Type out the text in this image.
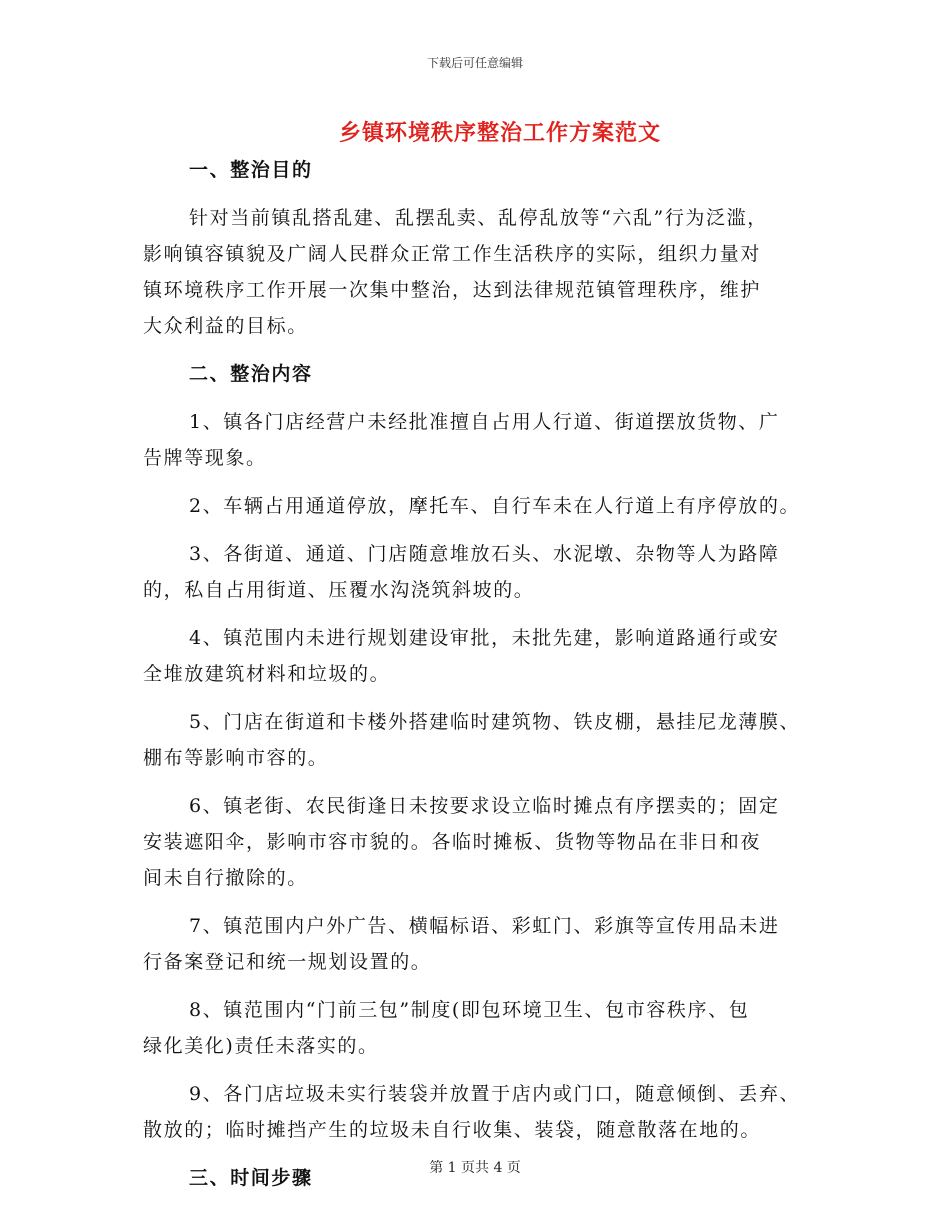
下载后可任意编辑
乡镇环境秩序整治工作方案范文
一、整治目的
针对当前镇乱搭乱建、乱摆乱卖、乱停乱放等“六乱”行为泛滥，
影响镇容镇貌及广阔人民群众正常工作生活秩序的实际，组织力量对
镇环境秩序工作开展一次集中整治，达到法律规范镇管理秩序，维护
大众利益的目标。
二、整治内容
1、镇各门店经营户未经批准擅自占用人行道、街道摆放货物、广
告牌等现象。
2、车辆占用通道停放，摩托车、自行车未在人行道上有序停放的。
3、各街道、通道、门店随意堆放石头、水泥墩、杂物等人为路障
的，私自占用街道、压覆水沟浇筑斜坡的。
4、镇范围内未进行规划建设审批，未批先建，影响道路通行或安
全堆放建筑材料和垃圾的。
5、门店在街道和卡楼外搭建临时建筑物、铁皮棚，悬挂尼龙薄膜、
棚布等影响市容的。
6、镇老街、农民街逢日未按要求设立临时摊点有序摆卖的；固定
安装遮阳伞，影响市容市貌的。各临时摊板、货物等物品在非日和夜
间未自行撤除的。
7、镇范围内户外广告、横幅标语、彩虹门、彩旗等宣传用品未进
行备案登记和统一规划设置的。
8、镇范围内“门前三包”制度(即包环境卫生、包市容秩序、包
绿化美化)责任未落实的。
9、各门店垃圾未实行装袋并放置于店内或门口，随意倾倒、丢弃、
散放的；临时摊挡产生的垃圾未自行收集、装袋，随意散落在地的。
三、时间步骤	第 1 页共 4 页
